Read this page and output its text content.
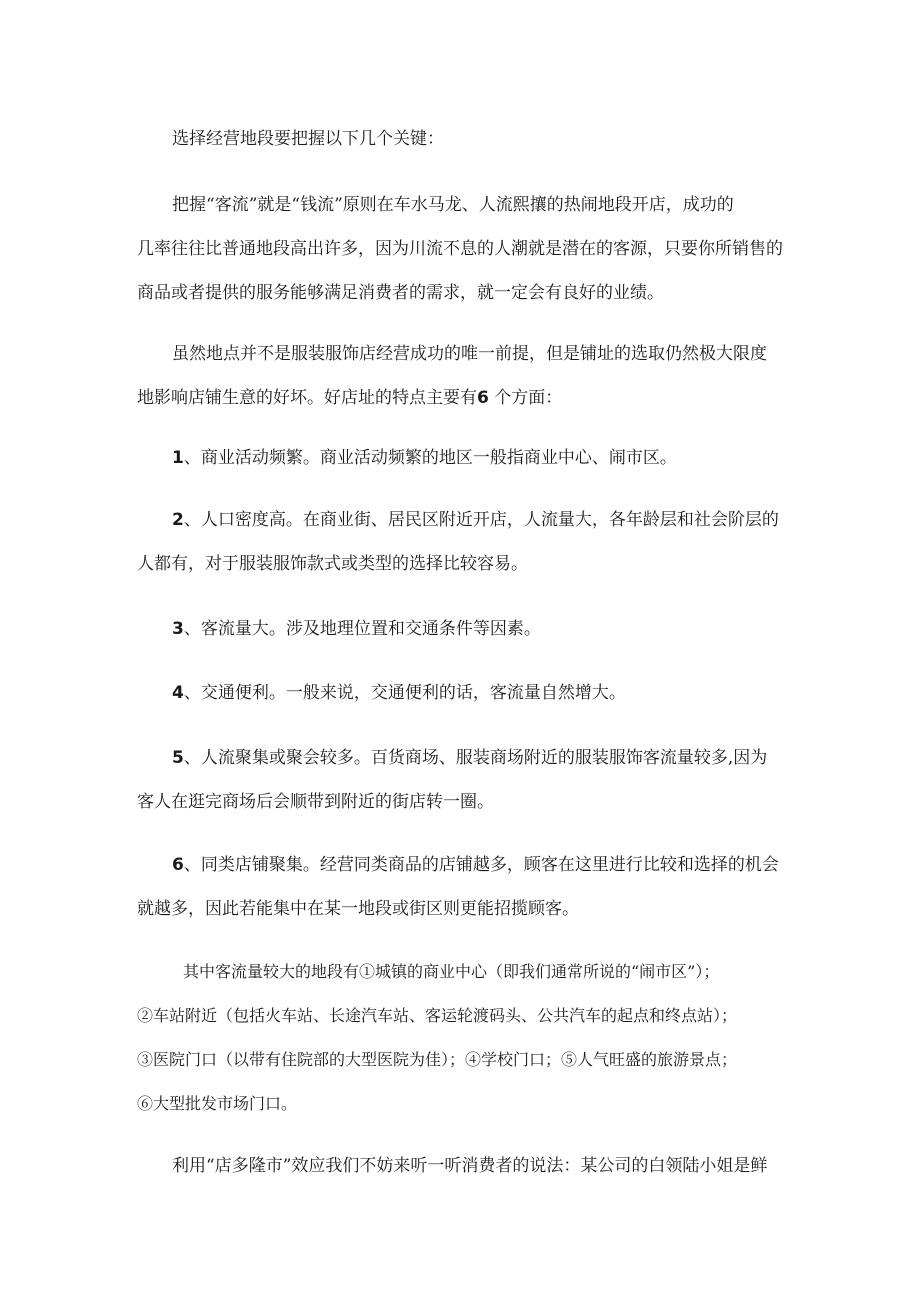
选择经营地段要把握以下几个关键：

把握“客流”就是“钱流”原则在车水马龙、人流熙攘的热闹地段开店，成功的
几率往往比普通地段高出许多，因为川流不息的人潮就是潜在的客源，只要你所销售的
商品或者提供的服务能够满足消费者的需求，就一定会有良好的业绩。

虽然地点并不是服装服饰店经营成功的唯一前提，但是铺址的选取仍然极大限度
地影响店铺生意的好坏。好店址的特点主要有6 个方面：

1、商业活动频繁。商业活动频繁的地区一般指商业中心、闹市区。

2、人口密度高。在商业街、居民区附近开店，人流量大，各年龄层和社会阶层的
人都有，对于服装服饰款式或类型的选择比较容易。

3、客流量大。涉及地理位置和交通条件等因素。

4、交通便利。一般来说，交通便利的话，客流量自然增大。

5、人流聚集或聚会较多。百货商场、服装商场附近的服装服饰客流量较多,因为
客人在逛完商场后会顺带到附近的街店转一圈。

6、同类店铺聚集。经营同类商品的店铺越多，顾客在这里进行比较和选择的机会
就越多，因此若能集中在某一地段或街区则更能招揽顾客。

其中客流量较大的地段有①城镇的商业中心（即我们通常所说的“闹市区”）；
②车站附近（包括火车站、长途汽车站、客运轮渡码头、公共汽车的起点和终点站）；
③医院门口（以带有住院部的大型医院为佳）；④学校门口；⑤人气旺盛的旅游景点；
⑥大型批发市场门口。

利用“店多隆市”效应我们不妨来听一听消费者的说法：某公司的白领陆小姐是鲜
